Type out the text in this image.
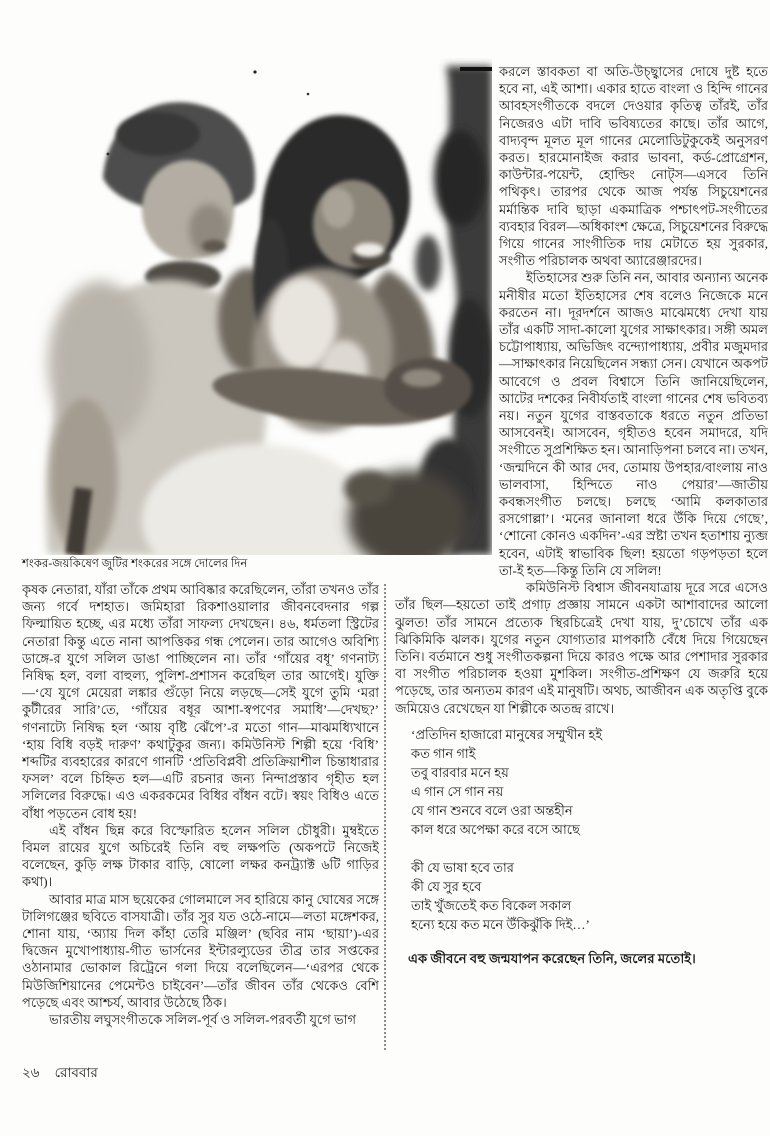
শংকর-জয়কিষেণ জুটির শংকরের সঙ্গে দোলের দিন

কৃষক নেতারা, যাঁরা তাঁকে প্রথম আবিষ্কার করেছিলেন, তাঁরা তখনও তাঁর জন্য গর্বে দশহাত। জমিহারা রিকশাওয়ালার জীবনবেদনার গল্প ফিল্মায়িত হচ্ছে, এর মধ্যে তাঁরা সাফল্য দেখছেন। ৪৬, ধর্মতলা স্ট্রিটের নেতারা কিন্তু এতে নানা আপত্তিকর গন্ধ পেলেন। তার আগেও অবিশ্যি ডাঙ্গে-র যুগে সলিল ডাঙা পাচ্ছিলেন না। তাঁর ‘গাঁয়ের বধূ’ গণনাট্য নিষিদ্ধ হল, বলা বাহুল্য, পুলিশ-প্রশাসন করেছিল তার আগেই। যুক্তি—‘যে যুগে মেয়েরা লঙ্কার গুঁড়ো নিয়ে লড়ছে—সেই যুগে তুমি ‘মরা কুটীরের সারি’তে, ‘গাঁয়ের বধূর আশা-স্বপণের সমাধি’—দেখছ?’ গণনাট্যে নিষিদ্ধ হল ‘আয় বৃষ্টি ঝেঁপে’-র মতো গান—মাঝমধ্যিখানে ‘হায় বিধি বড়ই দারুণ’ কথাটুকুর জন্য। কমিউনিস্ট শিল্পী হয়ে ‘বিধি’ শব্দটির ব্যবহারের কারণে গানটি ‘প্রতিবিপ্লবী প্রতিক্রিয়াশীল চিন্তাধারার ফসল’ বলে চিহ্নিত হল—এটি রচনার জন্য নিন্দাপ্রস্তাব গৃহীত হল সলিলের বিরুদ্ধে। এও একরকমের বিধির বাঁধন বটে। স্বয়ং বিধিও এতে বাঁধা পড়তেন বোধ হয়!

এই বাঁধন ছিন্ন করে বিস্ফোরিত হলেন সলিল চৌধুরী। মুম্বইতে বিমল রায়ের যুগে অচিরেই তিনি বহু লক্ষপতি (অকপটে নিজেই বলেছেন, কুড়ি লক্ষ টাকার বাড়ি, ষোলো লক্ষর কনট্র্যাক্ট ৬টি গাড়ির কথা)।

আবার মাত্র মাস ছয়েকের গোলমালে সব হারিয়ে কানু ঘোষের সঙ্গে টালিগঞ্জের ছবিতে বাসযাত্রী। তাঁর সুর যত ওঠে-নামে—লতা মঙ্গেশকর, শোনা যায়, ‘অ্যায় দিল কাঁহা তেরি মঞ্জিল’ (ছবির নাম ‘ছায়া’)-এর দ্বিজেন মুখোপাধ্যায়-গীত ভার্সনের ইন্টারল্যুডের তীব্র তার সপ্তকের ওঠানামার ভোকাল রিট্রেনে গলা দিয়ে বলেছিলেন—‘এরপর থেকে মিউজিশিয়ানের পেমেন্টও চাইবেন’—তাঁর জীবন তাঁর থেকেও বেশি পড়েছে এবং আশ্চর্য, আবার উঠেছে ঠিক।

ভারতীয় লঘুসংগীতকে সলিল-পূর্ব ও সলিল-পরবর্তী যুগে ভাগ

করলে স্তাবকতা বা অতি-উচ্ছ্বাসের দোষে দুষ্ট হতে হবে না, এই আশা। একার হাতে বাংলা ও হিন্দি গানের আবহসংগীতকে বদলে দেওয়ার কৃতিত্ব তাঁরই, তাঁর নিজেরও এটা দাবি ভবিষ্যতের কাছে। তাঁর আগে, বাদ্যবৃন্দ মূলত মূল গানের মেলোডিটুকুকেই অনুসরণ করত। হারমোনাইজ করার ভাবনা, কর্ড-প্রোগ্রেশন, কাউন্টার-পয়েন্ট, হোল্ডিং নোট্স—এসবে তিনি পথিকৃৎ। তারপর থেকে আজ পর্যন্ত সিচুয়েশনের মর্মান্তিক দাবি ছাড়া একমাত্রিক পশ্চাৎপট-সংগীতের ব্যবহার বিরল—অধিকাংশ ক্ষেত্রে, সিচুয়েশনের বিরুদ্ধে গিয়ে গানের সাংগীতিক দায় মেটাতে হয় সুরকার, সংগীত পরিচালক অথবা অ্যারেঞ্জারদের।

ইতিহাসের শুরু তিনি নন, আবার অন্যান্য অনেক মনীষীর মতো ইতিহাসের শেষ বলেও নিজেকে মনে করতেন না। দূরদর্শনে আজও মাঝেমধ্যে দেখা যায় তাঁর একটি সাদা-কালো যুগের সাক্ষাৎকার। সঙ্গী অমল চট্টোপাধ্যায়, অভিজিৎ বন্দ্যোপাধ্যায়, প্রবীর মজুমদার—সাক্ষাৎকার নিয়েছিলেন সন্ধ্যা সেন। যেখানে অকপট আবেগে ও প্রবল বিশ্বাসে তিনি জানিয়েছিলেন, আটের দশকের নিবীর্যতাই বাংলা গানের শেষ ভবিতব্য নয়। নতুন যুগের বাস্তবতাকে ধরতে নতুন প্রতিভা আসবেনই। আসবেন, গৃহীতও হবেন সমাদরে, যদি সংগীতে সুপ্রশিক্ষিত হন। আনাড়িপনা চলবে না। তখন, ‘জন্মদিনে কী আর দেব, তোমায় উপহার/বাংলায় নাও ভালবাসা, হিন্দিতে নাও পেয়ার’—জাতীয় কবন্ধসংগীত চলছে। চলছে ‘আমি কলকাতার রসগোল্লা’। ‘মনের জানালা ধরে উঁকি দিয়ে গেছে’, ‘শোনো কোনও একদিন’-এর স্রষ্টা তখন হতাশায় ন্যুব্জ হবেন, এটাই স্বাভাবিক ছিল! হয়তো গড়পড়তা হলে তা-ই হত—কিন্তু তিনি যে সলিল!

কমিউনিস্ট বিশ্বাস জীবনযাত্রায় দূরে সরে এসেও তাঁর ছিল—হয়তো তাই প্রগাঢ় প্রজ্ঞায় সামনে একটা আশাবাদের আলো ঝুলত! তাঁর সামনে প্রত্যেক স্থিরচিত্রেই দেখা যায়, দু’চোখে তাঁর এক ঝিকিমিকি ঝলক। যুগের নতুন যোগ্যতার মাপকাঠি বেঁধে দিয়ে গিয়েছেন তিনি। বর্তমানে শুধু সংগীতকল্পনা দিয়ে কারও পক্ষে আর পেশাদার সুরকার বা সংগীত পরিচালক হওয়া মুশকিল। সংগীত-প্রশিক্ষণ যে জরুরি হয়ে পড়েছে, তার অন্যতম কারণ এই মানুষটি। অথচ, আজীবন এক অতৃপ্তি বুকে জমিয়েও রেখেছেন যা শিল্পীকে অতন্দ্র রাখে।

‘প্রতিদিন হাজারো মানুষের সম্মুখীন হই
কত গান গাই
তবু বারবার মনে হয়
এ গান সে গান নয়
যে গান শুনবে বলে ওরা অন্তহীন
কাল ধরে অপেক্ষা করে বসে আছে
কী যে ভাষা হবে তার
কী যে সুর হবে
তাই খুঁজতেই কত বিকেল সকাল
হন্যে হয়ে কত মনে উঁকিঝুঁকি দিই…’

এক জীবনে বহু জন্মযাপন করেছেন তিনি, জলের মতোই।

২৬ রোববার
